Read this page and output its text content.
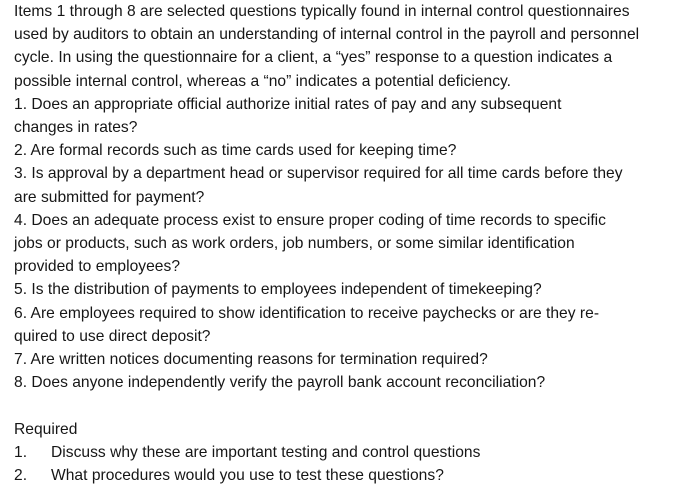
Items 1 through 8 are selected questions typically found in internal control questionnaires
used by auditors to obtain an understanding of internal control in the payroll and personnel
cycle. In using the questionnaire for a client, a “yes” response to a question indicates a
possible internal control, whereas a “no” indicates a potential deficiency.
1. Does an appropriate official authorize initial rates of pay and any subsequent
changes in rates?
2. Are formal records such as time cards used for keeping time?
3. Is approval by a department head or supervisor required for all time cards before they
are submitted for payment?
4. Does an adequate process exist to ensure proper coding of time records to specific
jobs or products, such as work orders, job numbers, or some similar identification
provided to employees?
5. Is the distribution of payments to employees independent of timekeeping?
6. Are employees required to show identification to receive paychecks or are they re-
quired to use direct deposit?
7. Are written notices documenting reasons for termination required?
8. Does anyone independently verify the payroll bank account reconciliation?
Required
1. Discuss why these are important testing and control questions
2. What procedures would you use to test these questions?
